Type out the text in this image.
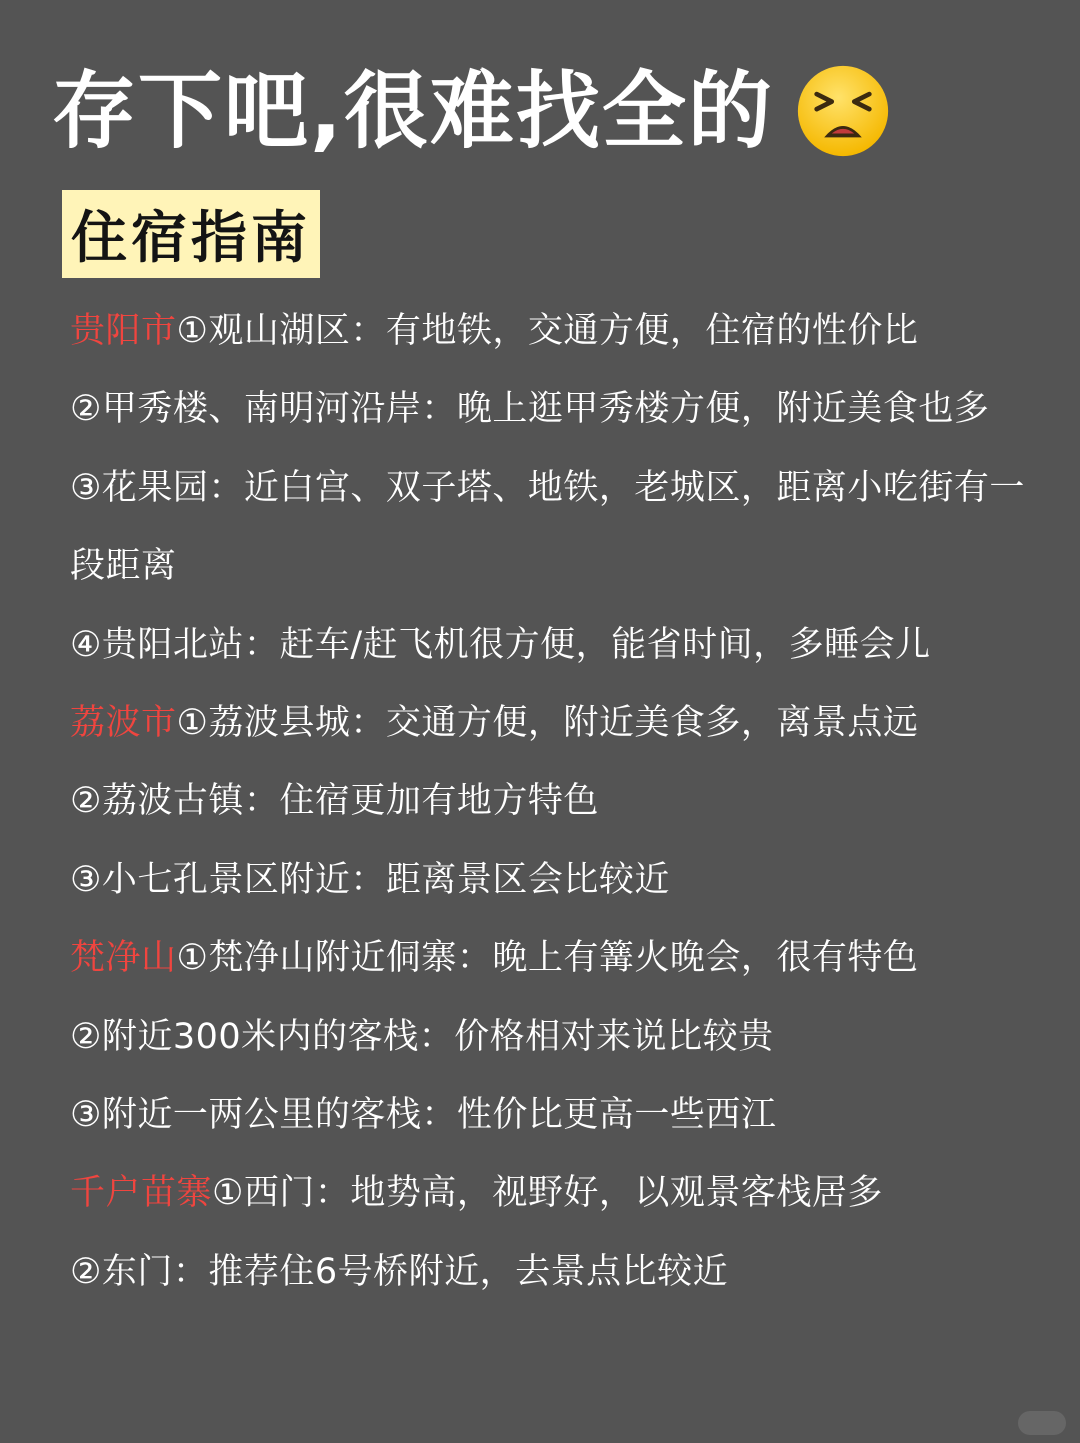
存下吧,很难找全的
住宿指南
贵阳市①观山湖区：有地铁，交通方便，住宿的性价比
②甲秀楼、南明河沿岸：晚上逛甲秀楼方便，附近美食也多
③花果园：近白宫、双子塔、地铁，老城区，距离小吃街有一
段距离
④贵阳北站：赶车/赶飞机很方便，能省时间，多睡会儿
荔波市①荔波县城：交通方便，附近美食多，离景点远
②荔波古镇：住宿更加有地方特色
③小七孔景区附近：距离景区会比较近
梵净山①梵净山附近侗寨：晚上有篝火晚会，很有特色
②附近300米内的客栈：价格相对来说比较贵
③附近一两公里的客栈：性价比更高一些西江
千户苗寨①西门：地势高，视野好，以观景客栈居多
②东门：推荐住6号桥附近，去景点比较近
